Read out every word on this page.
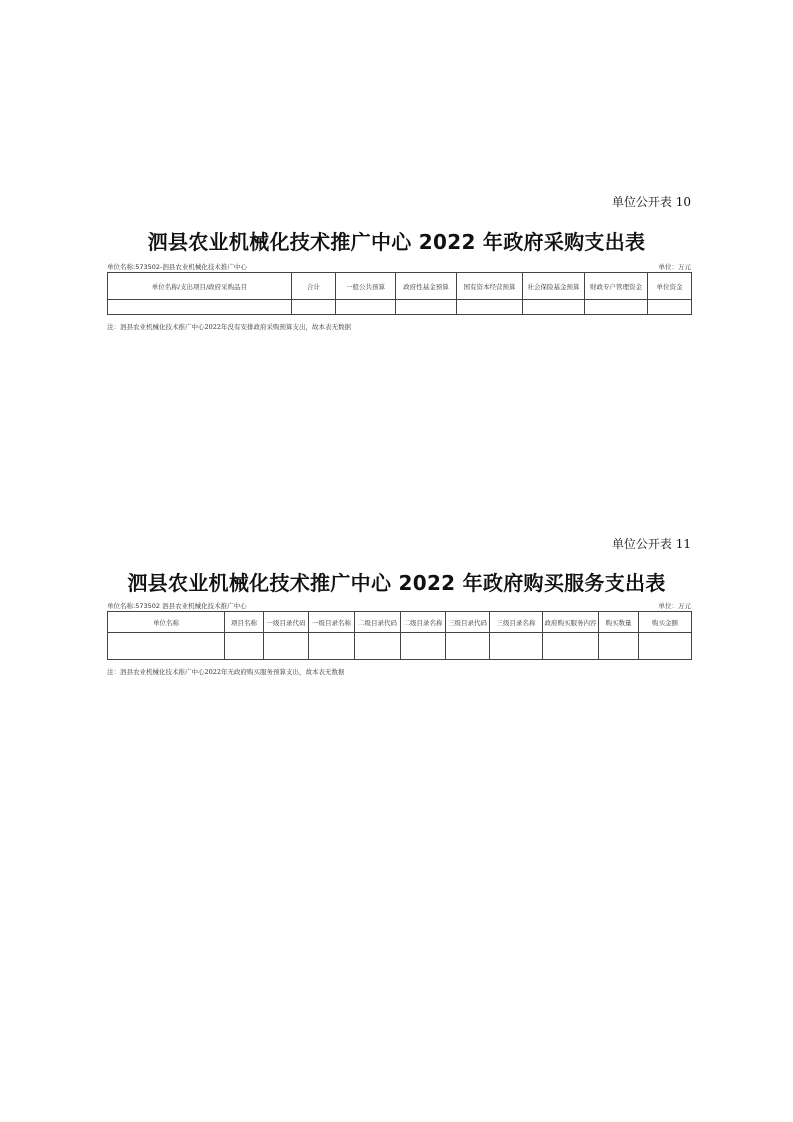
单位公开表 10
泗县农业机械化技术推广中心 2022 年政府采购支出表
单位名称:573502-泗县农业机械化技术推广中心	单位：万元
单位名称/支出项目/政府采购品目	合计	一般公共预算	政府性基金预算	国有资本经营预算	社会保险基金预算	财政专户管理资金	单位资金

注：泗县农业机械化技术推广中心2022年没有安排政府采购预算支出，故本表无数据
单位公开表 11
泗县农业机械化技术推广中心 2022 年政府购买服务支出表
单位名称:573502 泗县农业机械化技术推广中心	单位：万元
单位名称	项目名称	一级目录代码	一级目录名称	二级目录代码	二级目录名称	三级目录代码	三级目录名称	政府购买服务内容	购买数量	购买金额

注：泗县农业机械化技术推广中心2022年无政府购买服务预算支出，故本表无数据
